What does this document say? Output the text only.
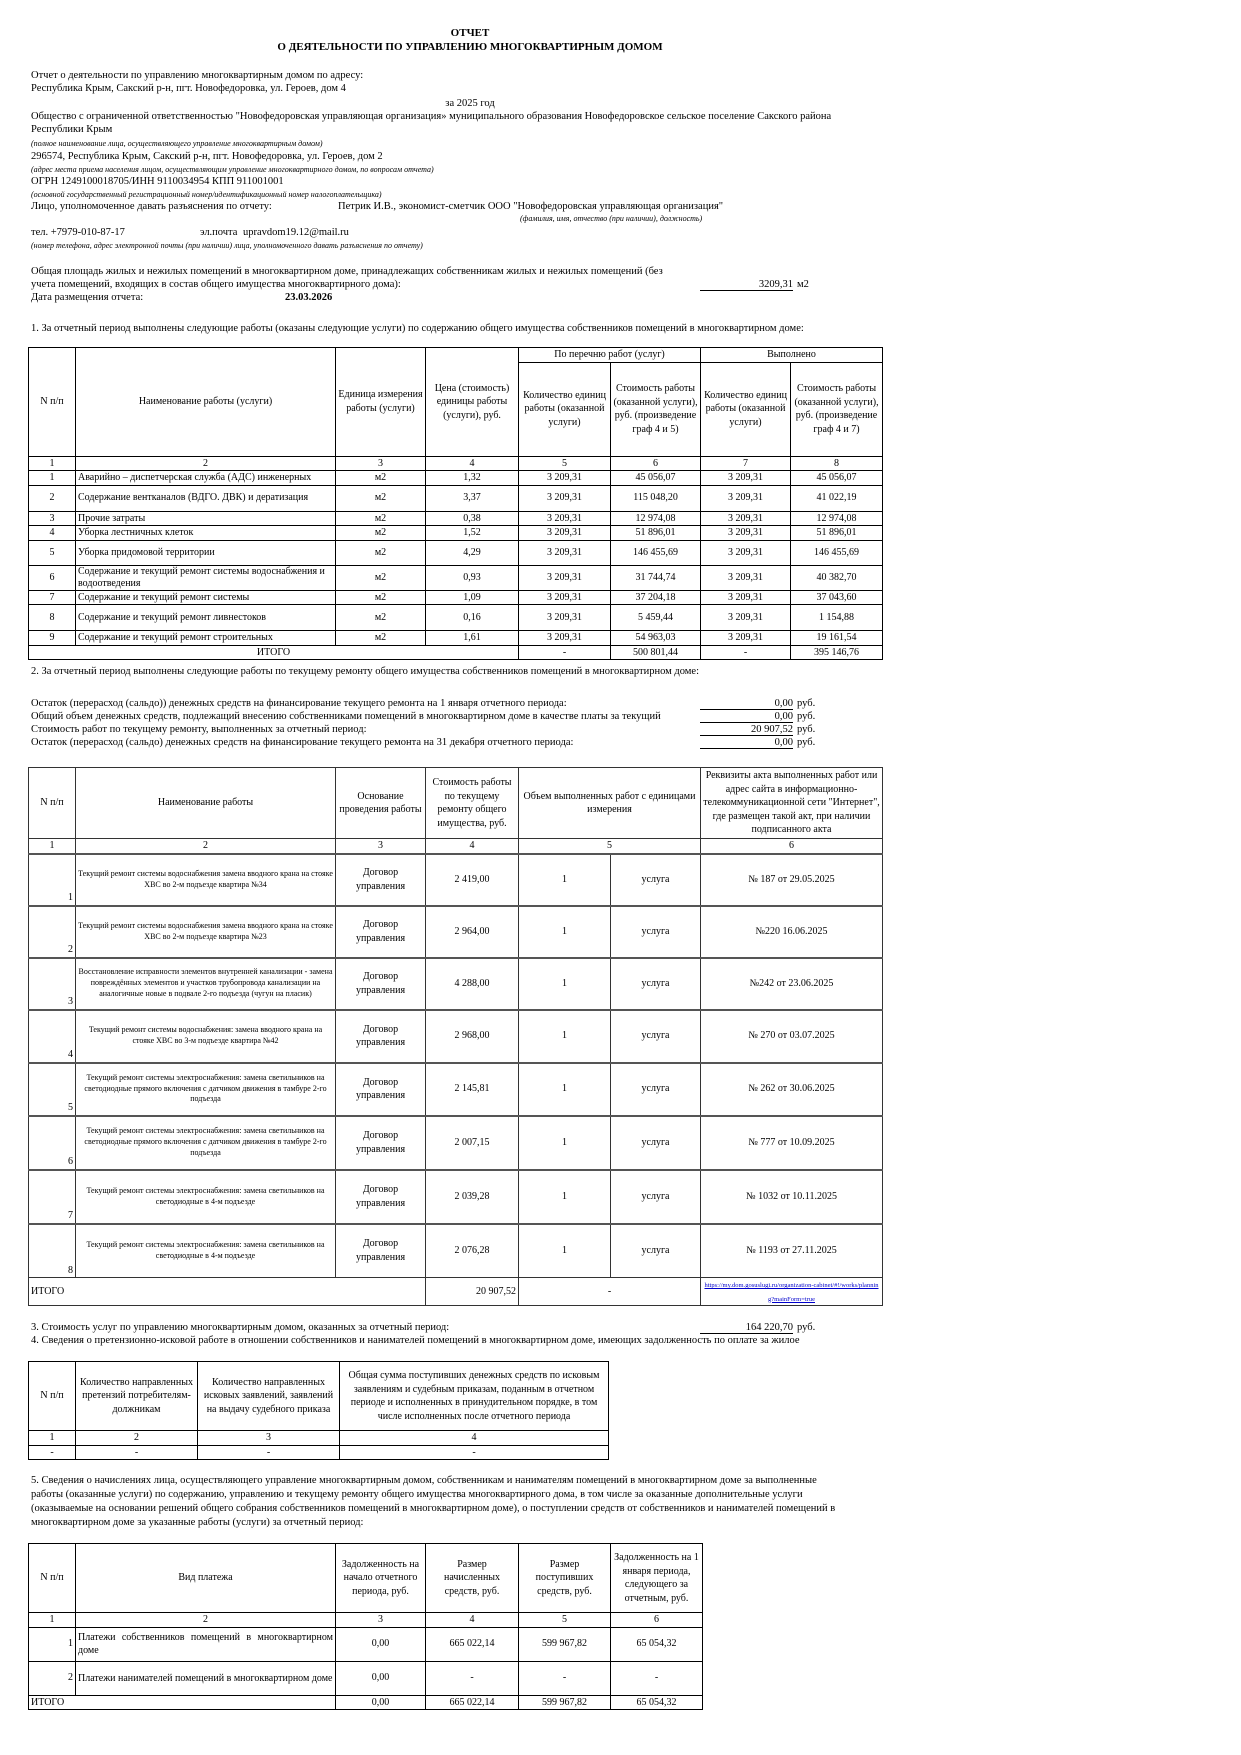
ОТЧЕТ
О ДЕЯТЕЛЬНОСТИ ПО УПРАВЛЕНИЮ МНОГОКВАРТИРНЫМ ДОМОМ
Отчет о деятельности по управлению многоквартирным домом по адресу:
Республика Крым, Сакский р-н, пгт. Новофедоровка, ул. Героев, дом 4
за 2025 год
Общество с ограниченной ответственностью "Новофедоровская управляющая организация» муниципального образования Новофедоровское сельское поселение Сакского района
Республики Крым
(полное наименование лица, осуществляющего управление многоквартирным домом)
296574, Республика Крым, Сакский р-н, пгт. Новофедоровка, ул. Героев, дом 2
(адрес места приема населения лицом, осуществляющим управление многоквартирного домом, по вопросам отчета)
ОГРН 1249100018705/ИНН 9110034954 КПП 911001001
(основной государственный регистрационный номер/идентификационный номер налогоплательщика)
Лицо, уполномоченное давать разъяснения по отчету:	Петрик И.В., экономист-сметчик ООО "Новофедоровская управляющая организация"
(фамилия, имя, отчество (при наличии), должность)
тел. +7979-010-87-17	эл.почта upravdom19.12@mail.ru
(номер телефона, адрес электронной почты (при наличии) лица, уполномоченного давать разъяснения по отчету)
Общая площадь жилых и нежилых помещений в многоквартирном доме, принадлежащих собственникам жилых и нежилых помещений (без
учета помещений, входящих в состав общего имущества многоквартирного дома):	3209,31 м2
Дата размещения отчета:	23.03.2026
1. За отчетный период выполнены следующие работы (оказаны следующие услуги) по содержанию общего имущества собственников помещений в многоквартирном доме:
N п/п	Наименование работы (услуги)	Единица измерения работы (услуги)	Цена (стоимость) единицы работы (услуги), руб.	По перечню работ (услуг)		Выполнено	
				Количество единиц работы (оказанной услуги)	Стоимость работы (оказанной услуги), руб. (произведение граф 4 и 5)	Количество единиц работы (оказанной услуги)	Стоимость работы (оказанной услуги), руб. (произведение граф 4 и 7)
1	2	3	4	5	6	7	8
1	Аварийно – диспетчерская служба (АДС) инженерных	м2	1,32	3 209,31	45 056,07	3 209,31	45 056,07
2	Содержание вентканалов (ВДГО. ДВК) и дератизация	м2	3,37	3 209,31	115 048,20	3 209,31	41 022,19
3	Прочие затраты	м2	0,38	3 209,31	12 974,08	3 209,31	12 974,08
4	Уборка лестничных клеток	м2	1,52	3 209,31	51 896,01	3 209,31	51 896,01
5	Уборка придомовой территории	м2	4,29	3 209,31	146 455,69	3 209,31	146 455,69
6	Содержание и текущий ремонт системы водоснабжения и водоотведения	м2	0,93	3 209,31	31 744,74	3 209,31	40 382,70
7	Содержание и текущий ремонт системы	м2	1,09	3 209,31	37 204,18	3 209,31	37 043,60
8	Содержание и текущий ремонт ливнестоков	м2	0,16	3 209,31	5 459,44	3 209,31	1 154,88
9	Содержание и текущий ремонт строительных	м2	1,61	3 209,31	54 963,03	3 209,31	19 161,54
ИТОГО				-	500 801,44	-	395 146,76
2. За отчетный период выполнены следующие работы по текущему ремонту общего имущества собственников помещений в многоквартирном доме:
Остаток (перерасход (сальдо)) денежных средств на финансирование текущего ремонта на 1 января отчетного периода:	0,00 руб.
Общий объем денежных средств, подлежащий внесению собственниками помещений в многоквартирном доме в качестве платы за текущий	0,00 руб.
Стоимость работ по текущему ремонту, выполненных за отчетный период:	20 907,52 руб.
Остаток (перерасход (сальдо) денежных средств на финансирование текущего ремонта на 31 декабря отчетного периода:	0,00 руб.
N п/п	Наименование работы	Основание проведения работы	Стоимость работы по текущему ремонту общего имущества, руб.	Объем выполненных работ с единицами измерения		Реквизиты акта выполненных работ или адрес сайта в информационно-телекоммуникационной сети "Интернет", где размещен такой акт, при наличии подписанного акта
1	2	3	4	5		6
1	Текущий ремонт системы водоснабжения замена вводного крана на стояке ХВС во 2-м подъезде квартира №34	Договор управления	2 419,00	1	услуга	№ 187 от 29.05.2025
2	Текущий ремонт системы водоснабжения замена вводного крана на стояке ХВС во 2-м подъезде квартира №23	Договор управления	2 964,00	1	услуга	№220 16.06.2025
3	Восстановление исправности элементов внутренней канализации - замена повреждённых элементов и участков трубопровода канализации на аналогичные новые в подвале 2-го подъезда (чугун на пласик)	Договор управления	4 288,00	1	услуга	№242 от 23.06.2025
4	Текущий ремонт системы водоснабжения: замена вводного крана на стояке ХВС во 3-м подъезде квартира №42	Договор управления	2 968,00	1	услуга	№ 270 от 03.07.2025
5	Текущий ремонт системы электроснабжения: замена светильников на светодиодные прямого включения с датчиком движения в тамбуре 2-го подъезда	Договор управления	2 145,81	1	услуга	№ 262 от 30.06.2025
6	Текущий ремонт системы электроснабжения: замена светильников на светодиодные прямого включения с датчиком движения в тамбуре 2-го подъезда	Договор управления	2 007,15	1	услуга	№ 777 от 10.09.2025
7	Текущий ремонт системы электроснабжения: замена светильников на светодиодные в 4-м подъезде	Договор управления	2 039,28	1	услуга	№ 1032 от 10.11.2025
8	Текущий ремонт системы электроснабжения: замена светильников на светодиодные в 4-м подъезде	Договор управления	2 076,28	1	услуга	№ 1193 от 27.11.2025
ИТОГО			20 907,52	-		https://my.dom.gosuslugi.ru/organization-cabinet/#!/works/planning?mainForm=true
3. Стоимость услуг по управлению многоквартирным домом, оказанных за отчетный период:	164 220,70 руб.
4. Сведения о претензионно-исковой работе в отношении собственников и нанимателей помещений в многоквартирном доме, имеющих задолженность по оплате за жилое
N п/п	Количество направленных претензий потребителям-должникам	Количество направленных исковых заявлений, заявлений на выдачу судебного приказа	Общая сумма поступивших денежных средств по исковым заявлениям и судебным приказам, поданным в отчетном периоде и исполненных в принудительном порядке, в том числе исполненных после отчетного периода
1	2	3	4
-	-	-	-
5. Сведения о начислениях лица, осуществляющего управление многоквартирным домом, собственникам и нанимателям помещений в многоквартирном доме за выполненные
работы (оказанные услуги) по содержанию, управлению и текущему ремонту общего имущества многоквартирного дома, в том числе за оказанные дополнительные услуги
(оказываемые на основании решений общего собрания собственников помещений в многоквартирном доме), о поступлении средств от собственников и нанимателей помещений в
многоквартирном доме за указанные работы (услуги) за отчетный период:
N п/п	Вид платежа	Задолженность на начало отчетного периода, руб.	Размер начисленных средств, руб.	Размер поступивших средств, руб.	Задолженность на 1 января периода, следующего за отчетным, руб.
1	2	3	4	5	6
1	Платежи собственников помещений в многоквартирном доме	0,00	665 022,14	599 967,82	65 054,32
2	Платежи нанимателей помещений в многоквартирном доме	0,00	-	-	-
ИТОГО		0,00	665 022,14	599 967,82	65 054,32
